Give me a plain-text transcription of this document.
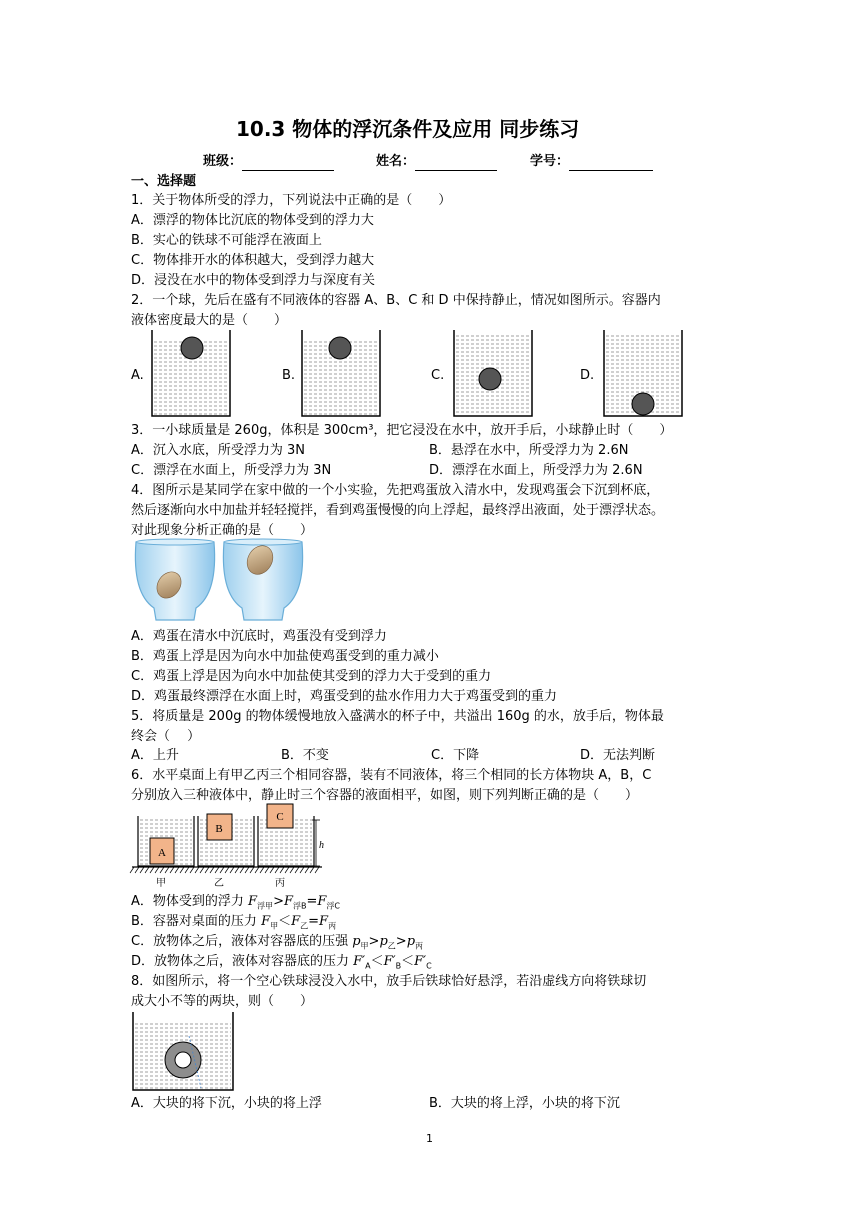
10.3 物体的浮沉条件及应用 同步练习
班级：	姓名：	学号：
一、选择题
1．关于物体所受的浮力，下列说法中正确的是（　　）
A．漂浮的物体比沉底的物体受到的浮力大
B．实心的铁球不可能浮在液面上
C．物体排开水的体积越大，受到浮力越大
D．浸没在水中的物体受到浮力与深度有关
2．一个球，先后在盛有不同液体的容器 A、B、C 和 D 中保持静止，情况如图所示。容器内
液体密度最大的是（　　）
A.	B.	C.	D.
3．一小球质量是 260g，体积是 300cm³，把它浸没在水中，放开手后，小球静止时（　　）
A．沉入水底，所受浮力为 3N	B．悬浮在水中，所受浮力为 2.6N
C．漂浮在水面上，所受浮力为 3N	D．漂浮在水面上，所受浮力为 2.6N
4．图所示是某同学在家中做的一个小实验，先把鸡蛋放入清水中，发现鸡蛋会下沉到杯底，
然后逐渐向水中加盐并轻轻搅拌，看到鸡蛋慢慢的向上浮起，最终浮出液面，处于漂浮状态。
对此现象分析正确的是（　　）
A．鸡蛋在清水中沉底时，鸡蛋没有受到浮力
B．鸡蛋上浮是因为向水中加盐使鸡蛋受到的重力减小
C．鸡蛋上浮是因为向水中加盐使其受到的浮力大于受到的重力
D．鸡蛋最终漂浮在水面上时，鸡蛋受到的盐水作用力大于鸡蛋受到的重力
5．将质量是 200g 的物体缓慢地放入盛满水的杯子中，共溢出 160g 的水，放手后，物体最
终会（　 ）
A．上升	B．不变	C．下降	D．无法判断
6．水平桌面上有甲乙丙三个相同容器，装有不同液体，将三个相同的长方体物块 A，B，C
分别放入三种液体中，静止时三个容器的液面相平，如图，则下列判断正确的是（　　）
A
B
C
h
甲	乙	丙
A．物体受到的浮力 $F_{浮甲}>F_{浮B}=F_{浮C}$
B．容器对桌面的压力 $F_甲<F_乙=F_丙$
C．放物体之后，液体对容器底的压强 $p_甲>p_乙>p_丙$
D．放物体之后，液体对容器底的压力 $F'_A<F'_B<F'_C$
8．如图所示，将一个空心铁球浸没入水中，放手后铁球恰好悬浮，若沿虚线方向将铁球切
成大小不等的两块，则（　　）
A．大块的将下沉，小块的将上浮	B．大块的将上浮，小块的将下沉
1
